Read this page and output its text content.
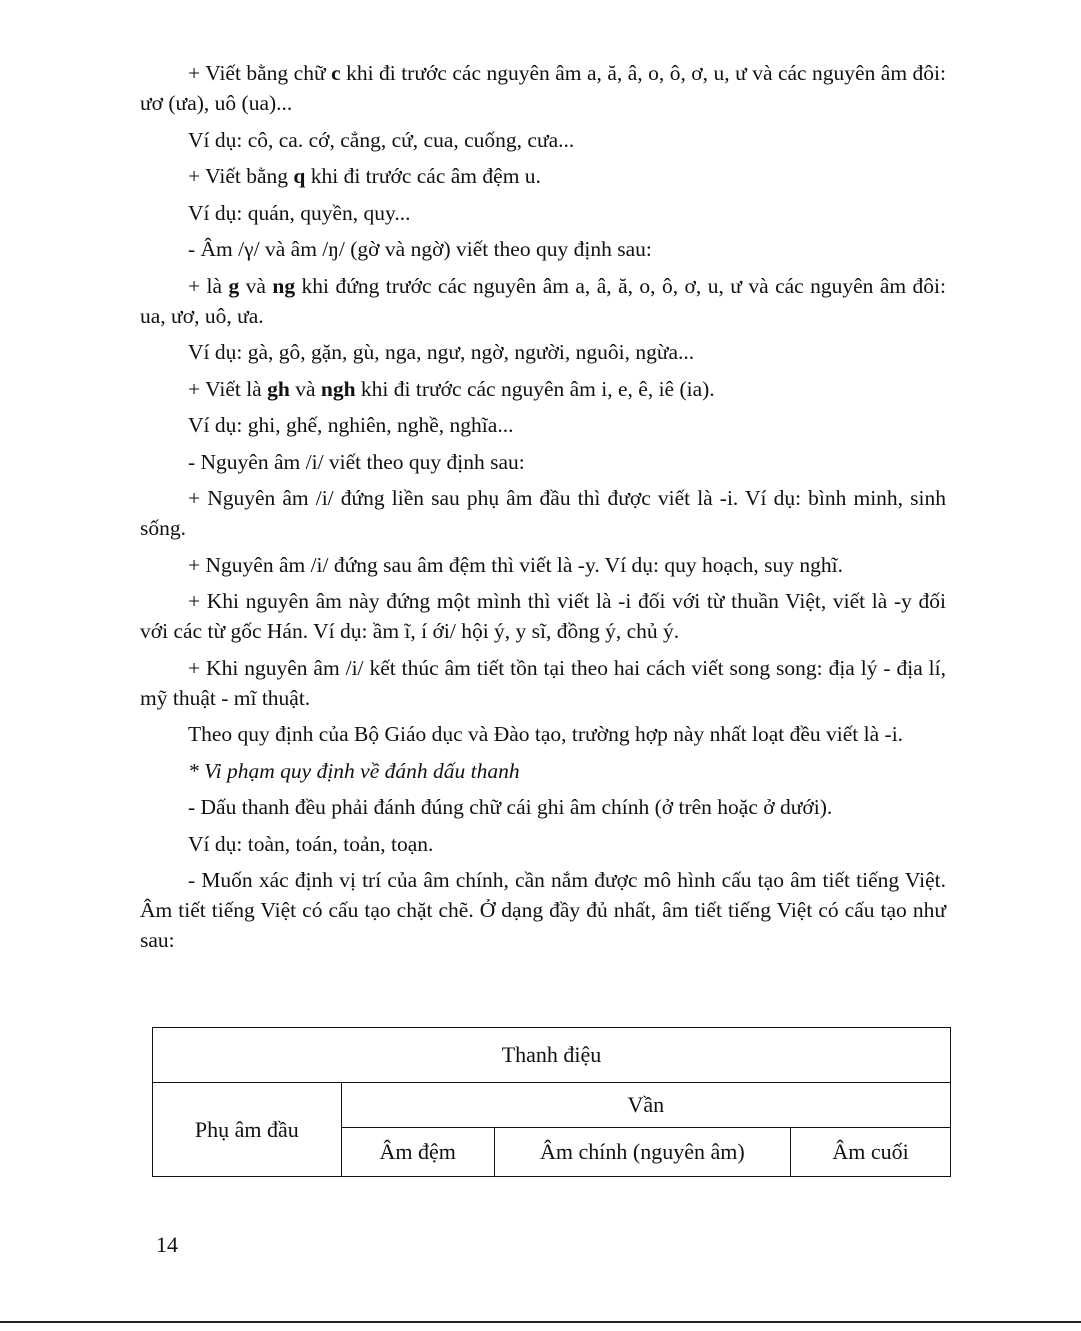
+ Viết bằng chữ c khi đi trước các nguyên âm a, ă, â, o, ô, ơ, u, ư và các nguyên âm đôi: ươ (ưa), uô (ua)...

Ví dụ: cô, ca. cớ, cẳng, cứ, cua, cuống, cưa...

+ Viết bằng q khi đi trước các âm đệm u.

Ví dụ: quán, quyền, quy...

- Âm /γ/ và âm /ŋ/ (gờ và ngờ) viết theo quy định sau:

+ là g và ng khi đứng trước các nguyên âm a, â, ă, o, ô, ơ, u, ư và các nguyên âm đôi: ua, ươ, uô, ưa.

Ví dụ: gà, gô, gặn, gù, nga, ngư, ngờ, người, nguôi, ngừa...

+ Viết là gh và ngh khi đi trước các nguyên âm i, e, ê, iê (ia).

Ví dụ: ghi, ghế, nghiên, nghề, nghĩa...

- Nguyên âm /i/ viết theo quy định sau:

+ Nguyên âm /i/ đứng liền sau phụ âm đầu thì được viết là -i. Ví dụ: bình minh, sinh sống.

+ Nguyên âm /i/ đứng sau âm đệm thì viết là -y. Ví dụ: quy hoạch, suy nghĩ.

+ Khi nguyên âm này đứng một mình thì viết là -i đối với từ thuần Việt, viết là -y đối với các từ gốc Hán. Ví dụ: ầm ĩ, í ới/ hội ý, y sĩ, đồng ý, chủ ý.

+ Khi nguyên âm /i/ kết thúc âm tiết tồn tại theo hai cách viết song song: địa lý - địa lí, mỹ thuật - mĩ thuật.

Theo quy định của Bộ Giáo dục và Đào tạo, trường hợp này nhất loạt đều viết là -i.

* Vi phạm quy định về đánh dấu thanh

- Dấu thanh đều phải đánh đúng chữ cái ghi âm chính (ở trên hoặc ở dưới).

Ví dụ: toàn, toán, toản, toạn.

- Muốn xác định vị trí của âm chính, cần nắm được mô hình cấu tạo âm tiết tiếng Việt. Âm tiết tiếng Việt có cấu tạo chặt chẽ. Ở dạng đầy đủ nhất, âm tiết tiếng Việt có cấu tạo như sau:

Thanh điệu			
Phụ âm đầu	Vần		
	Âm đệm	Âm chính (nguyên âm)	Âm cuối
14
